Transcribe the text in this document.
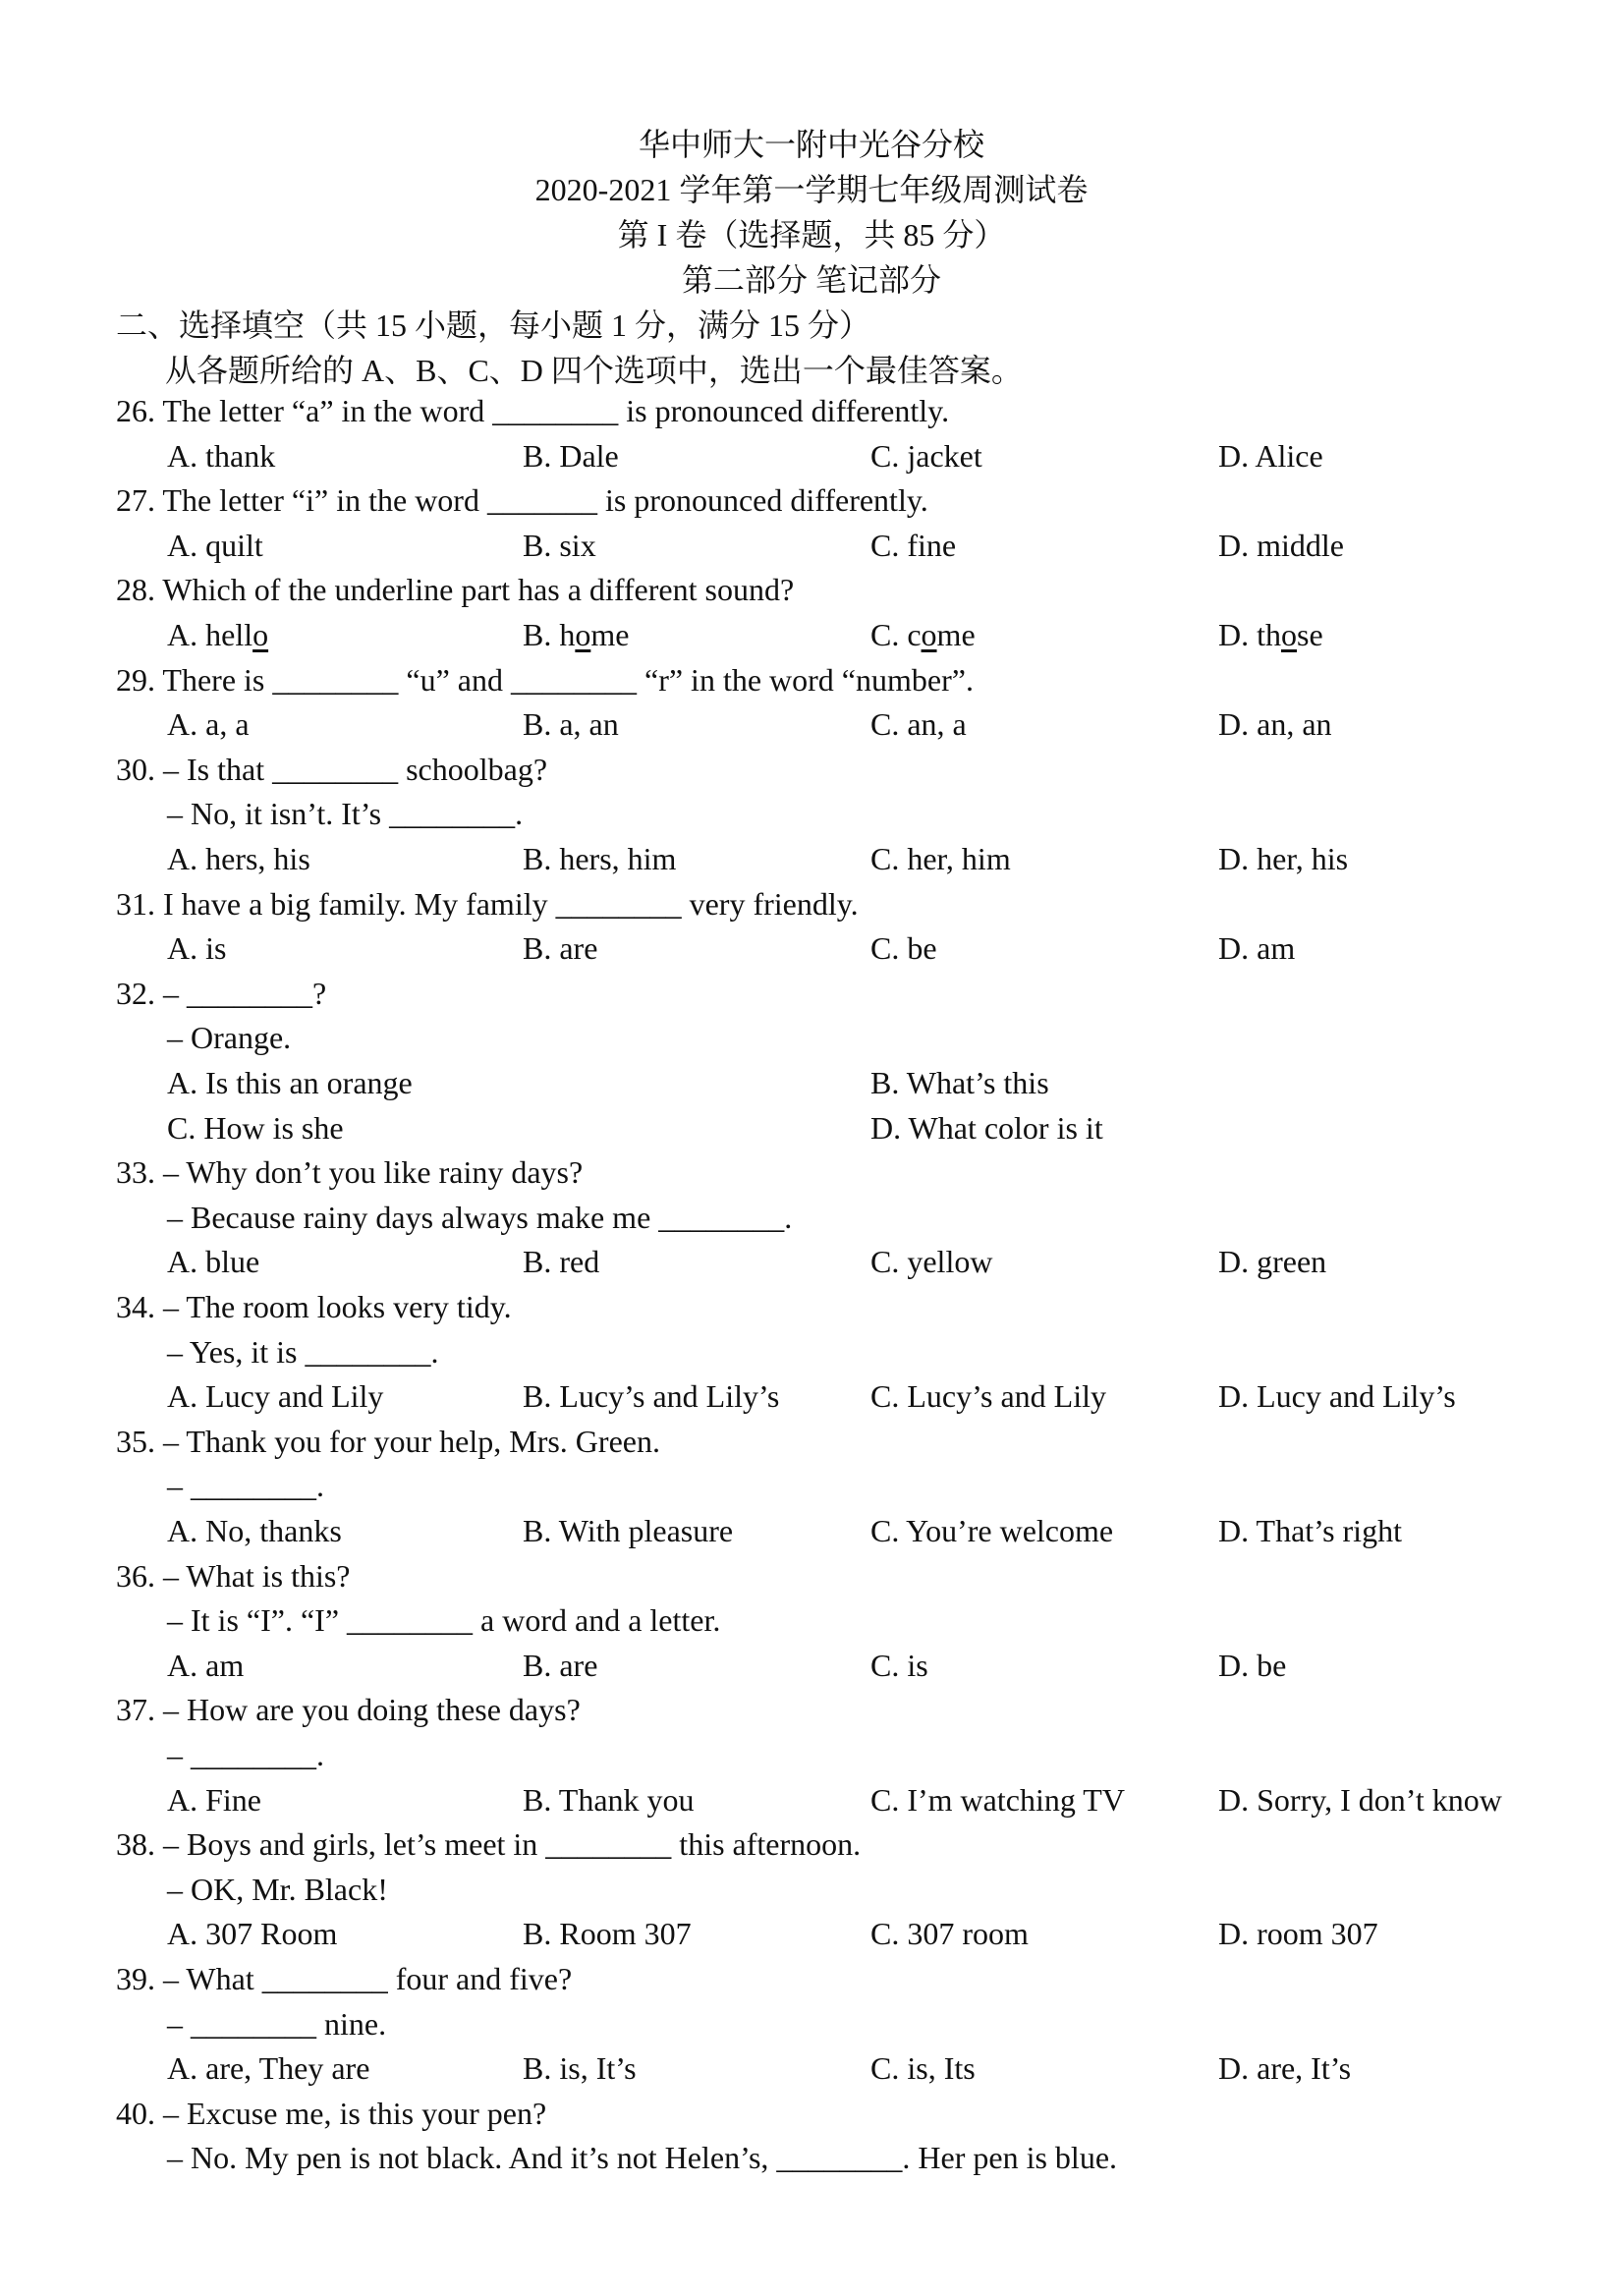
华中师大一附中光谷分校
2020-2021 学年第一学期七年级周测试卷
第 I 卷（选择题，共 85 分）
第二部分 笔记部分
二、选择填空（共 15 小题，每小题 1 分，满分 15 分）
从各题所给的 A、B、C、D 四个选项中，选出一个最佳答案。
26. The letter “a” in the word ________ is pronounced differently.
A. thank	B. Dale	C. jacket	D. Alice
27. The letter “i” in the word _______ is pronounced differently.
A. quilt	B. six	C. fine	D. middle
28. Which of the underline part has a different sound?
A. hello	B. home	C. come	D. those
29. There is ________ “u” and ________ “r” in the word “number”.
A. a, a	B. a, an	C. an, a	D. an, an
30. – Is that ________ schoolbag?
– No, it isn’t. It’s ________.
A. hers, his	B. hers, him	C. her, him	D. her, his
31. I have a big family. My family ________ very friendly.
A. is	B. are	C. be	D. am
32. – ________?
– Orange.
A. Is this an orange	B. What’s this
C. How is she	D. What color is it
33. – Why don’t you like rainy days?
– Because rainy days always make me ________.
A. blue	B. red	C. yellow	D. green
34. – The room looks very tidy.
– Yes, it is ________.
A. Lucy and Lily	B. Lucy’s and Lily’s	C. Lucy’s and Lily	D. Lucy and Lily’s
35. – Thank you for your help, Mrs. Green.
– ________.
A. No, thanks	B. With pleasure	C. You’re welcome	D. That’s right
36. – What is this?
– It is “I”. “I” ________ a word and a letter.
A. am	B. are	C. is	D. be
37. – How are you doing these days?
– ________.
A. Fine	B. Thank you	C. I’m watching TV	D. Sorry, I don’t know
38. – Boys and girls, let’s meet in ________ this afternoon.
– OK, Mr. Black!
A. 307 Room	B. Room 307	C. 307 room	D. room 307
39. – What ________ four and five?
– ________ nine.
A. are, They are	B. is, It’s	C. is, Its	D. are, It’s
40. – Excuse me, is this your pen?
– No. My pen is not black. And it’s not Helen’s, ________. Her pen is blue.
